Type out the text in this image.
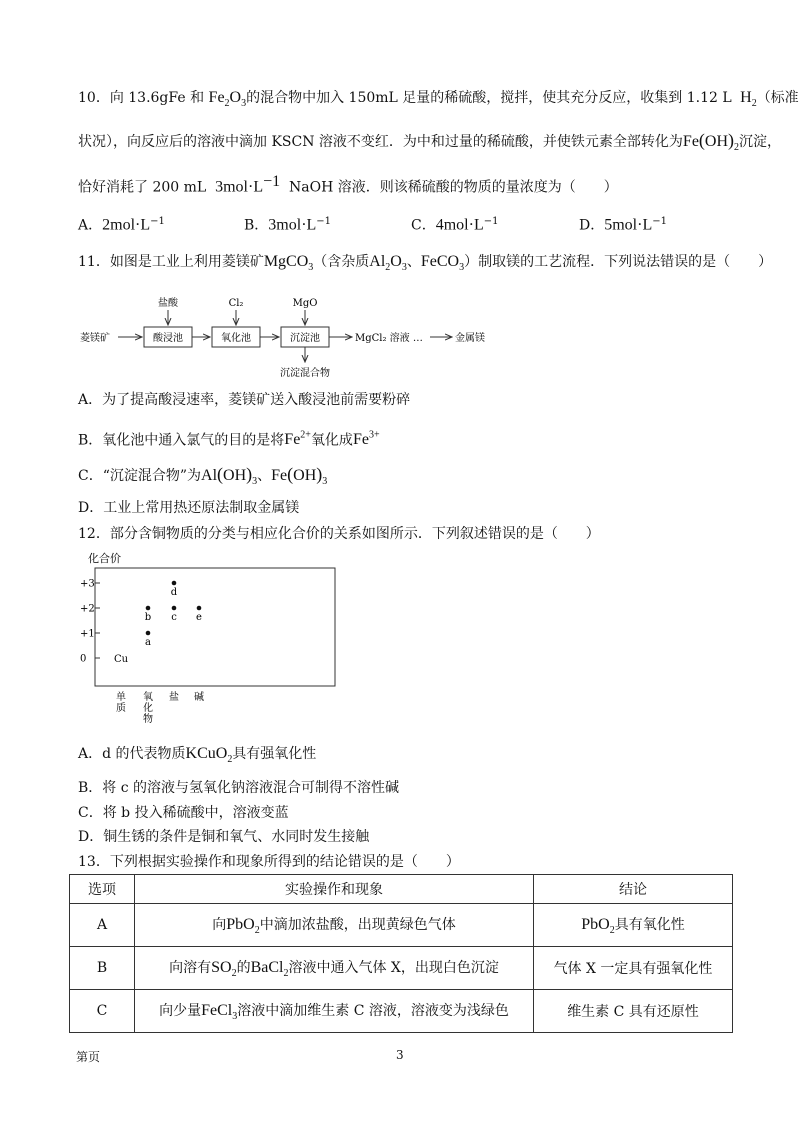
10．向 13.6gFe 和 $Fe_2O_3$的混合物中加入 150mL 足量的稀硫酸，搅拌，使其充分反应，收集到 1.12 L  $H_2$（标准
状况），向反应后的溶液中滴加 KSCN 溶液不变红．为中和过量的稀硫酸，并使铁元素全部转化为$Fe(OH)_2$沉淀，
恰好消耗了 200 mL $3mol\cdot L^{-1}$ NaOH 溶液．则该稀硫酸的物质的量浓度为（　　）
A．$2mol\cdot L^{-1}$	B．$3mol\cdot L^{-1}$	C．$4mol\cdot L^{-1}$	D．$5mol\cdot L^{-1}$
11．如图是工业上利用菱镁矿MgCO$_3$（含杂质$Al_2O_3$、FeCO$_3$）制取镁的工艺流程．下列说法错误的是（　　）
盐酸	Cl₂	MgO
菱镁矿	酸浸池	氧化池	沉淀池	MgCl₂ 溶液 …	金属镁
沉淀混合物
A．为了提高酸浸速率，菱镁矿送入酸浸池前需要粉碎
B．氧化池中通入氯气的目的是将$Fe^{2+}$氧化成$Fe^{3+}$
C．“沉淀混合物”为$Al(OH)_3$、$Fe(OH)_3$
D．工业上常用热还原法制取金属镁
12．部分含铜物质的分类与相应化合价的关系如图所示．下列叙述错误的是（　　）
化合价
+3
+2
+1
0
单质
氧化物
盐 碱
Cu
a
b c
d
e
A．d 的代表物质KCuO$_2$具有强氧化性
B．将 c 的溶液与氢氧化钠溶液混合可制得不溶性碱
C．将 b 投入稀硫酸中，溶液变蓝
D．铜生锈的条件是铜和氧气、水同时发生接触
13．下列根据实验操作和现象所得到的结论错误的是（　　）
选项	实验操作和现象	结论
A	向PbO$_2$中滴加浓盐酸，出现黄绿色气体	PbO$_2$具有氧化性
B	向溶有$SO_2$的BaCl$_2$溶液中通入气体 X，出现白色沉淀	气体 X 一定具有强氧化性
C	向少量FeCl$_3$溶液中滴加维生素 C 溶液，溶液变为浅绿色	维生素 C 具有还原性
第页	3
